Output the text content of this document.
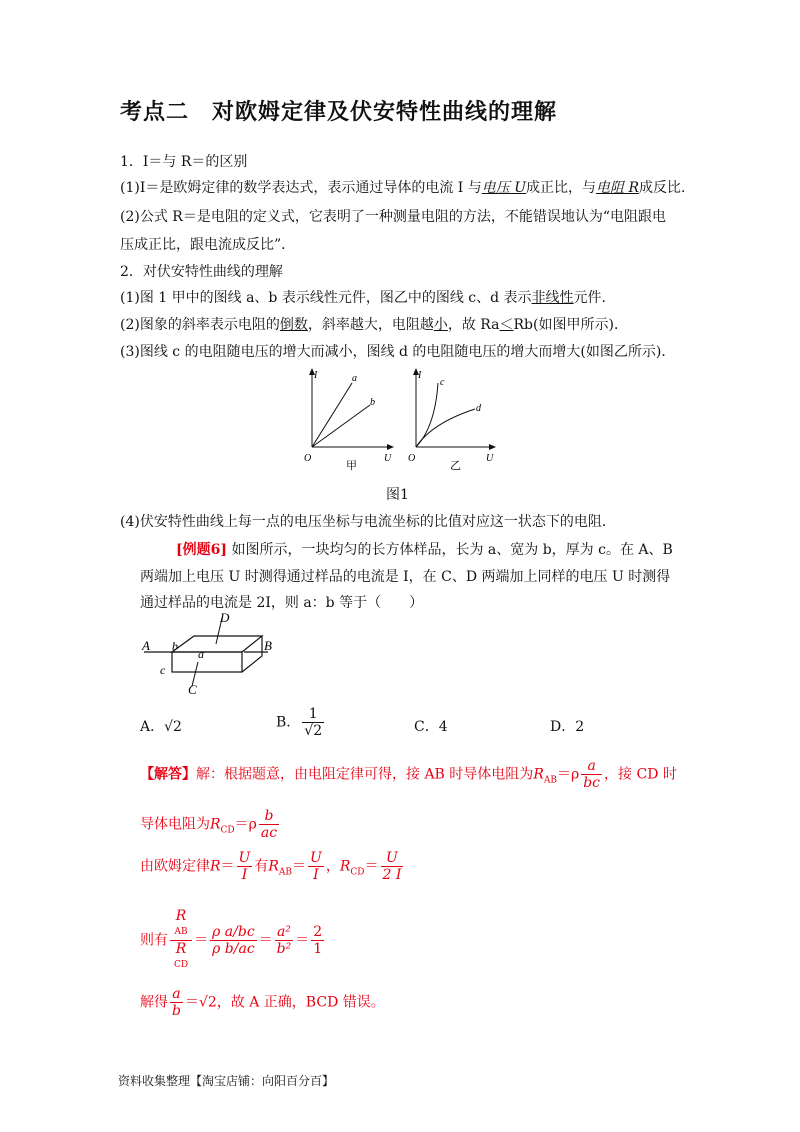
考点二　对欧姆定律及伏安特性曲线的理解
1．I＝与 R＝的区别
(1)I＝是欧姆定律的数学表达式，表示通过导体的电流 I 与电压 U成正比，与电阻 R成反比．
(2)公式 R＝是电阻的定义式，它表明了一种测量电阻的方法，不能错误地认为“电阻跟电
压成正比，跟电流成反比”．
2．对伏安特性曲线的理解
(1)图 1 甲中的图线 a、b 表示线性元件，图乙中的图线 c、d 表示非线性元件．
(2)图象的斜率表示电阻的倒数，斜率越大，电阻越小，故 Ra＜Rb(如图甲所示)．
(3)图线 c 的电阻随电压的增大而减小，图线 d 的电阻随电压的增大而增大(如图乙所示)．
I
U
O
a
b
甲
I
U
O
c
d
乙
图1
(4)伏安特性曲线上每一点的电压坐标与电流坐标的比值对应这一状态下的电阻．
[例题6] 如图所示，一块均匀的长方体样品，长为 a、宽为 b，厚为 c。在 A、B
两端加上电压 U 时测得通过样品的电流是 I，在 C、D 两端加上同样的电压 U 时测得
通过样品的电流是 2I，则 a：b 等于（　　）
A	B
D
C
b
a
c
A．√2	B． $\frac{1}{√2}$	C．4	D．2
【解答】解：根据题意，由电阻定律可得，接 AB 时导体电阻为$R_{AB}=\rho \frac{a}{bc}$ ，接 CD 时
导体电阻为$R_{CD}=\rho \frac{b}{ac}$
由欧姆定律$R= \frac{U}{I}$ 有$R_{AB}= \frac{U}{I}$ ，$R_{CD}= \frac{U}{2 I}$
则有 R
AB
R
CD ＝ $\frac{\text{ρ a/bc}}{\text{ρ b/ac}} = \frac{\text{a²}}{\text{b²}} = \frac{2}{1}$
解得 $\frac{a}{b} =√2$，故 A 正确，BCD 错误。
资料收集整理【淘宝店铺：向阳百分百】
